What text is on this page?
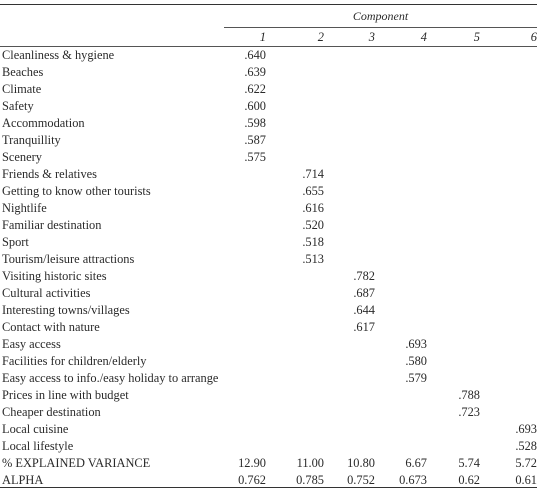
Component
	1	2	3	4	5	6
Cleanliness & hygiene	.640					
Beaches	.639					
Climate	.622					
Safety	.600					
Accommodation	.598					
Tranquillity	.587					
Scenery	.575					
Friends & relatives		.714				
Getting to know other tourists		.655				
Nightlife		.616				
Familiar destination		.520				
Sport		.518				
Tourism/leisure attractions		.513				
Visiting historic sites			.782			
Cultural activities			.687			
Interesting towns/villages			.644			
Contact with nature			.617			
Easy access				.693		
Facilities for children/elderly				.580		
Easy access to info./easy holiday to arrange				.579		
Prices in line with budget					.788	
Cheaper destination					.723	
Local cuisine						.693
Local lifestyle						.528
% EXPLAINED VARIANCE	12.90	11.00	10.80	6.67	5.74	5.72
ALPHA	0.762	0.785	0.752	0.673	0.62	0.61
